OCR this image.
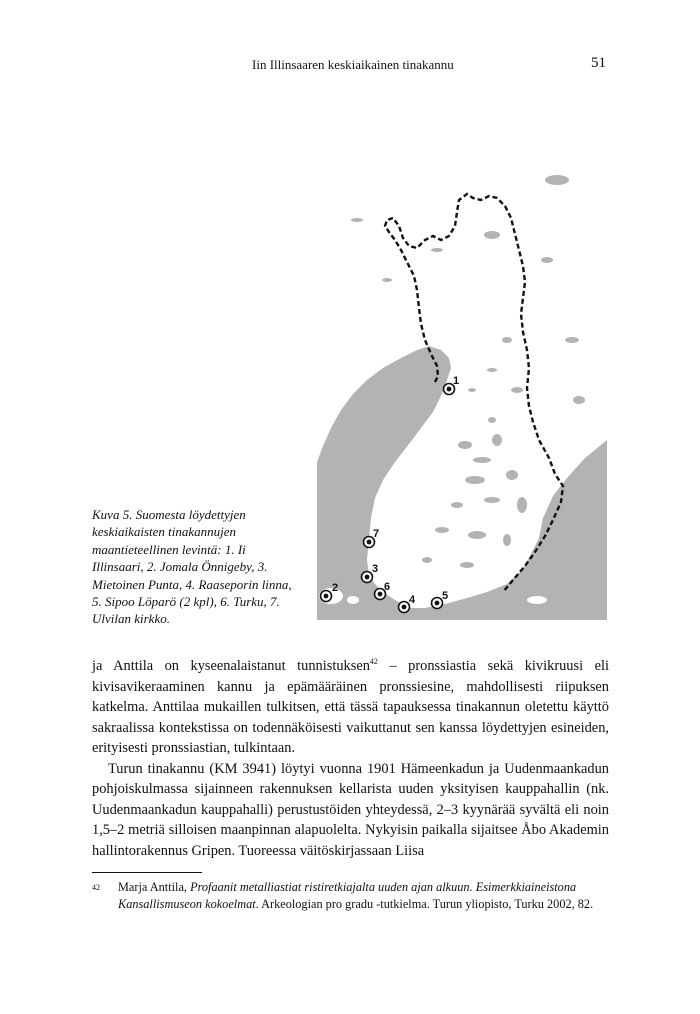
Iin Illinsaaren keskiaikainen tinakannu	51
1
2
3
4 5
6
7
Kuva 5. Suomesta löydettyjen keskiaikaisten tinakannujen maantieteellinen levintä: 1. Ii Illinsaari, 2. Jomala Önnigeby, 3. Mietoinen Punta, 4. Raaseporin linna, 5. Sipoo Löparö (2 kpl), 6. Turku, 7. Ulvilan kirkko.

ja Anttila on kyseenalaistanut tunnistuksen$^{42}$ – pronssiastia sekä kivikruusi eli kivisavikeraaminen kannu ja epämääräinen pronssiesine, mahdollisesti riipuksen katkelma. Anttilaa mukaillen tulkitsen, että tässä tapauksessa tinakannun oletettu käyttö sakraalissa kontekstissa on todennäköisesti vaikuttanut sen kanssa löydettyjen esineiden, erityisesti pronssiastian, tulkintaan.

Turun tinakannu (KM 3941) löytyi vuonna 1901 Hämeenkadun ja Uudenmaankadun pohjoiskulmassa sijainneen rakennuksen kellarista uuden yksityisen kauppahallin (nk. Uudenmaankadun kauppahalli) perustustöiden yhteydessä, 2–3 kyynärää syvältä eli noin 1,5–2 metriä silloisen maanpinnan alapuolelta. Nykyisin paikalla sijaitsee Åbo Akademin hallintorakennus Gripen. Tuoreessa väitöskirjassaan Liisa

42 Marja Anttila, Profaanit metalliastiat ristiretkiajalta uuden ajan alkuun. Esimerkkiaineistona Kansallismuseon kokoelmat. Arkeologian pro gradu -tutkielma. Turun yliopisto, Turku 2002, 82.
